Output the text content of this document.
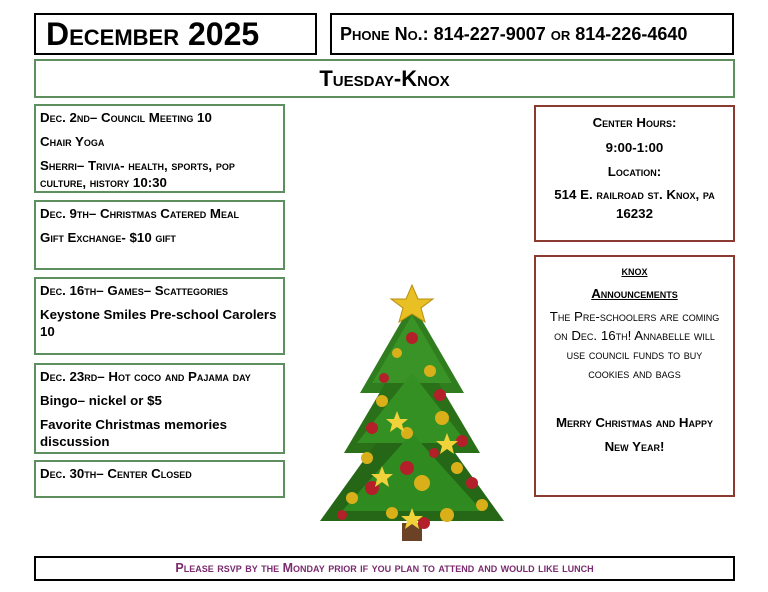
December 2025	Phone No.: 814-227-9007 or 814-226-4640

Tuesday-Knox

Dec. 2nd– Council Meeting 10

Chair Yoga

Sherri– Trivia- health, sports, pop culture, history 10:30

Dec. 9th– Christmas Catered Meal

Gift Exchange- $10 gift

Dec. 16th– Games– Scattegories

Keystone Smiles Pre-school Carolers 10

Dec. 23rd– Hot coco and Pajama day

Bingo– nickel or $5

Favorite Christmas memories discussion

Dec. 30th– Center Closed

Center Hours:

9:00-1:00

Location:

514 E. railroad st. Knox, pa 16232

knox

Announcements

The Pre-schoolers are coming on Dec. 16th! Annabelle will use council funds to buy cookies and bags

Merry Christmas and Happy New Year!

Please rsvp by the Monday prior if you plan to attend and would like lunch
